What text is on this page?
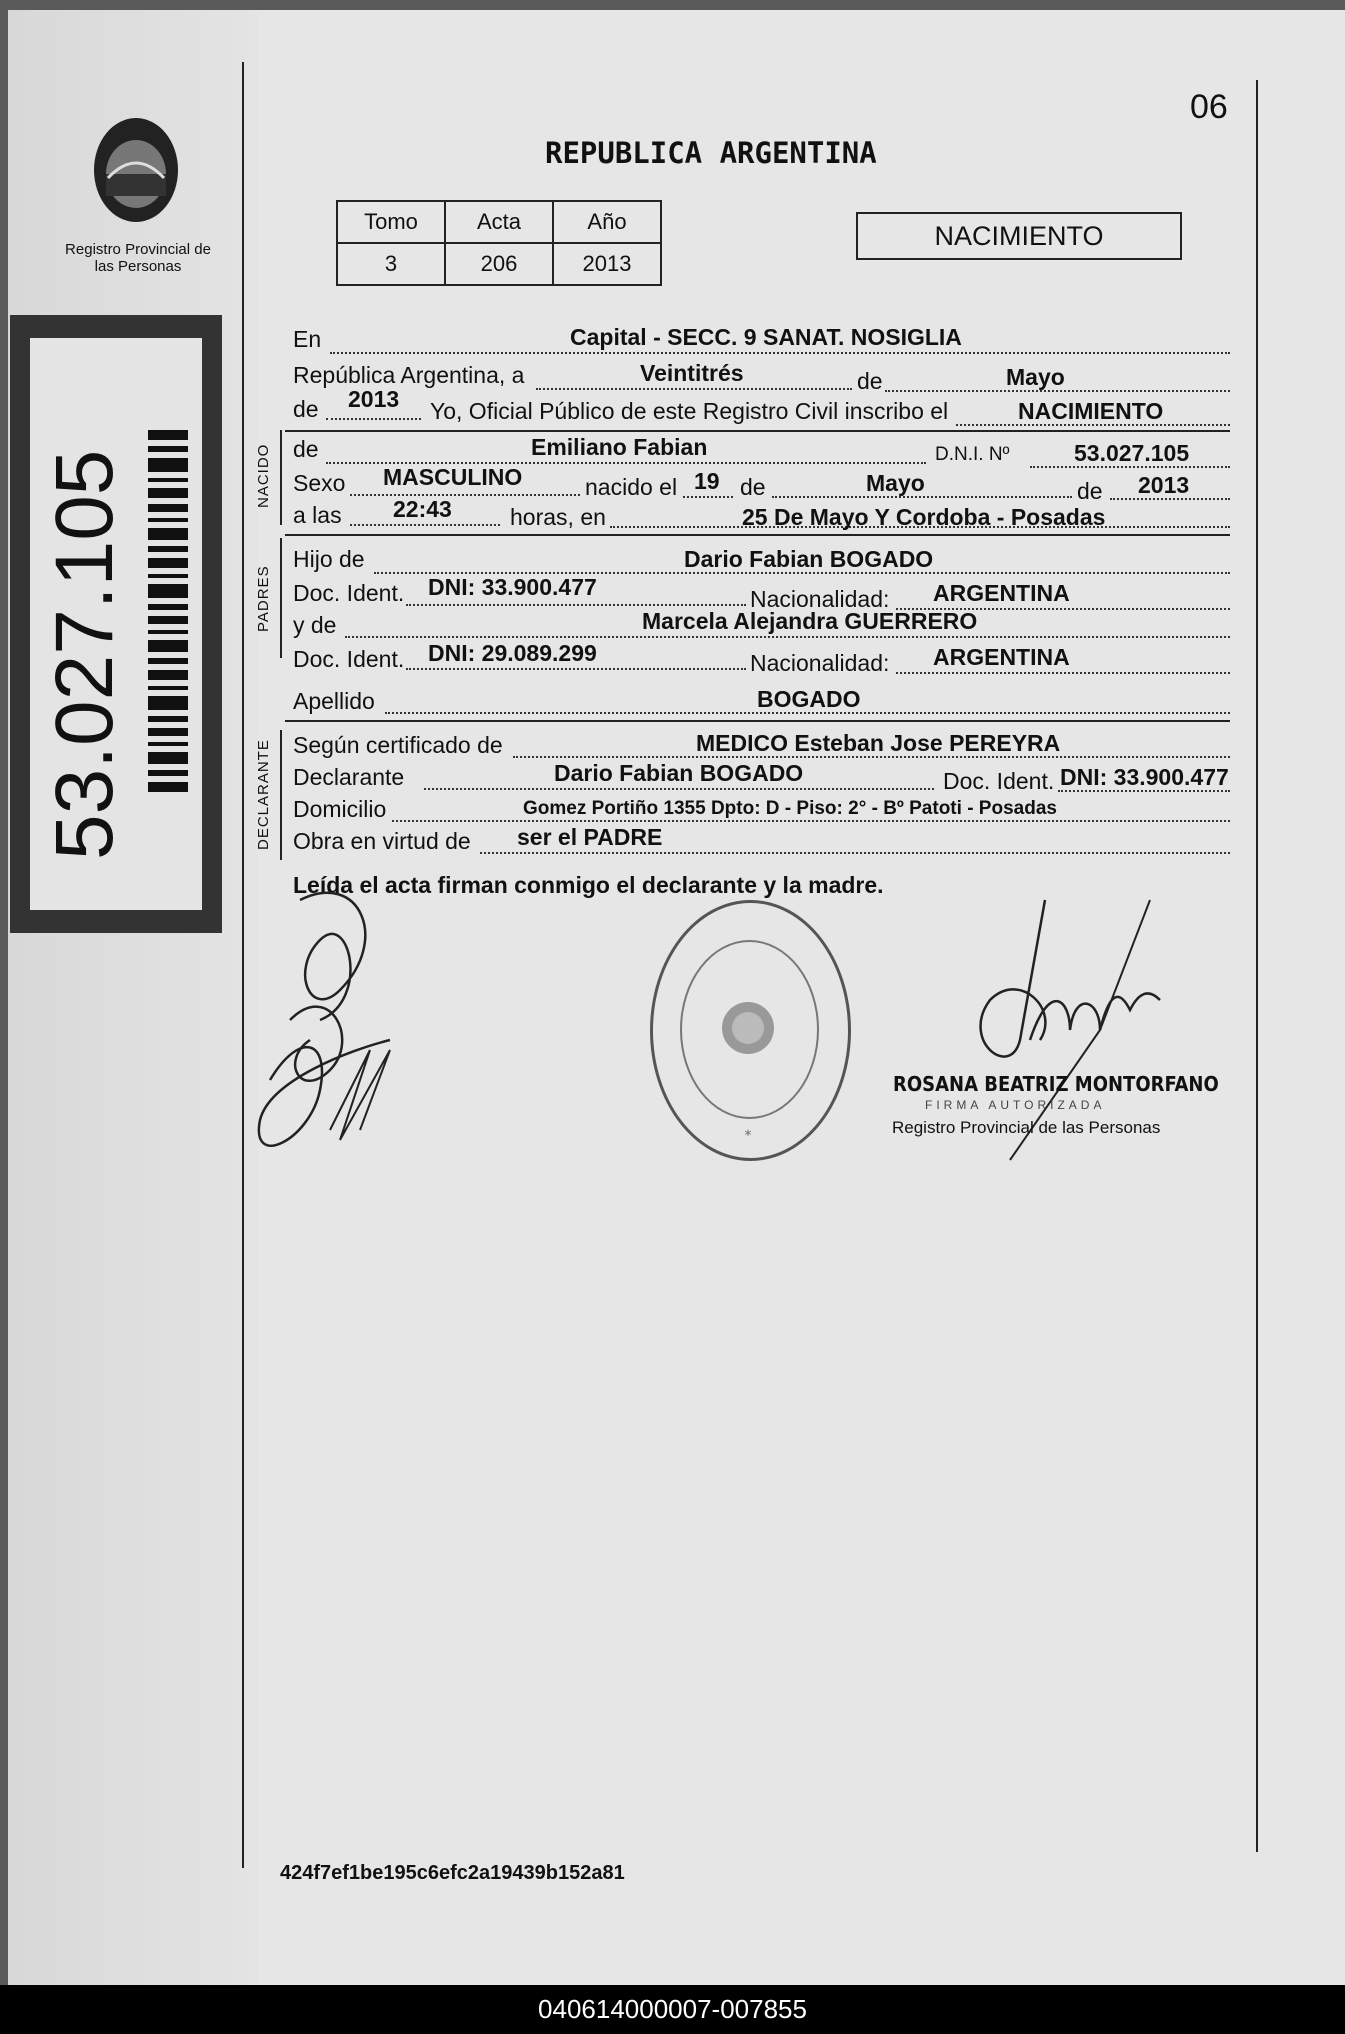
Registro Provincial de las Personas
53.027.105
06
REPUBLICA ARGENTINA
Tomo	Acta	Año
3	206	2013
NACIMIENTO
NACIDO
PADRES
DECLARANTE
En	Capital - SECC. 9 SANAT. NOSIGLIA
República Argentina, a	Veintitrés	de	Mayo
de 2013 Yo, Oficial Público de este Registro Civil inscribo el	NACIMIENTO
de	Emiliano Fabian	D.N.I. Nº	53.027.105
Sexo MASCULINO	nacido el 19 de	Mayo	de 2013
a las 22:43	horas, en	25 De Mayo Y Cordoba - Posadas
Hijo de	Dario Fabian BOGADO
Doc. Ident. DNI: 33.900.477	Nacionalidad: ARGENTINA
y de	Marcela Alejandra GUERRERO
Doc. Ident. DNI: 29.089.299	Nacionalidad: ARGENTINA
Apellido	BOGADO
Según certificado de	MEDICO Esteban Jose PEREYRA
Declarante	Dario Fabian BOGADO	Doc. Ident. DNI: 33.900.477
Domicilio	Gomez Portiño 1355 Dpto: D - Piso: 2° - Bº Patoti - Posadas
Obra en virtud de ser el PADRE
Leída el acta firman conmigo el declarante y la madre.
*
ROSANA BEATRIZ MONTORFANO
FIRMA AUTORIZADA
Registro Provincial de las Personas
424f7ef1be195c6efc2a19439b152a81
040614000007-007855
